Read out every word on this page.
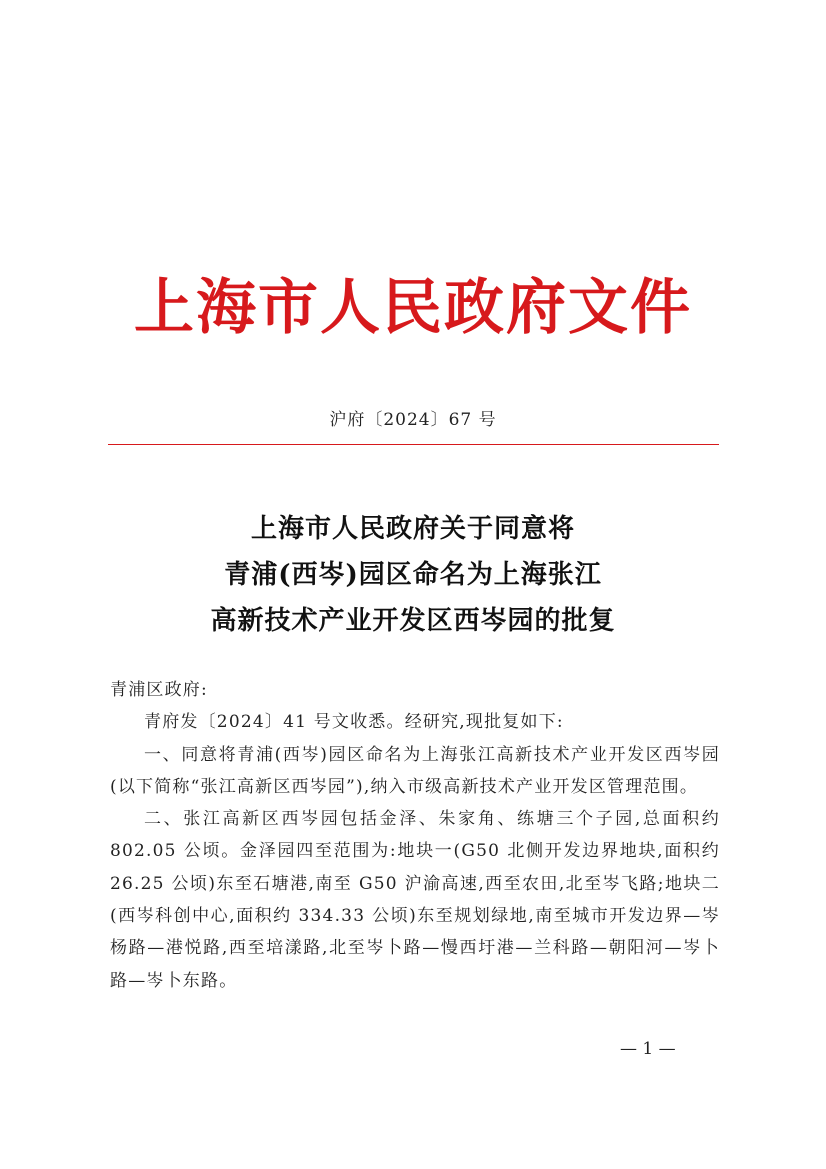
上海市人民政府文件
沪府〔2024〕67 号
上海市人民政府关于同意将
青浦(西岑)园区命名为上海张江
高新技术产业开发区西岑园的批复

青浦区政府:

青府发〔2024〕41 号文收悉。经研究,现批复如下:

一、同意将青浦(西岑)园区命名为上海张江高新技术产业开发区西岑园(以下简称“张江高新区西岑园”),纳入市级高新技术产业开发区管理范围。

二、张江高新区西岑园包括金泽、朱家角、练塘三个子园,总面积约 802.05 公顷。金泽园四至范围为:地块一(G50 北侧开发边界地块,面积约 26.25 公顷)东至石塘港,南至 G50 沪渝高速,西至农田,北至岑飞路;地块二(西岑科创中心,面积约 334.33 公顷)东至规划绿地,南至城市开发边界—岑杨路—港悦路,西至培漾路,北至岑卜路—慢西圩港—兰科路—朝阳河—岑卜路—岑卜东路。

— 1 —
